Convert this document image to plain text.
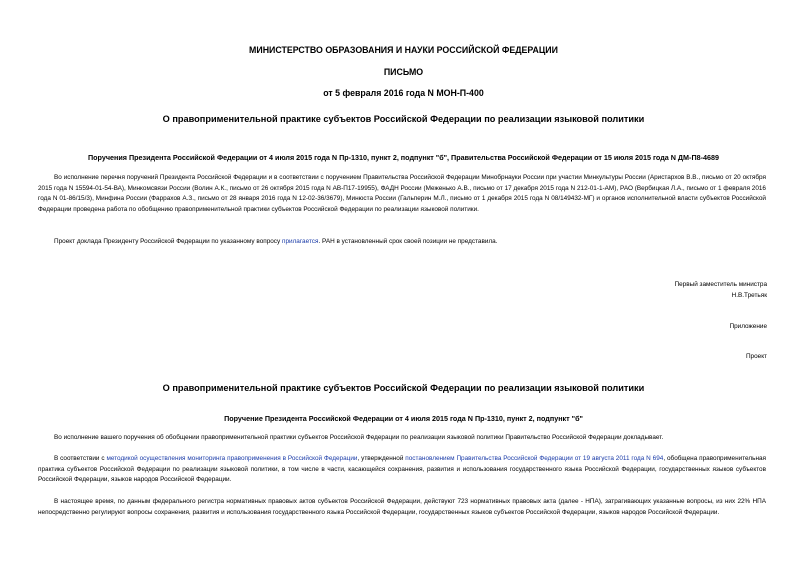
МИНИСТЕРСТВО ОБРАЗОВАНИЯ И НАУКИ РОССИЙСКОЙ ФЕДЕРАЦИИ
ПИСЬМО
от 5 февраля 2016 года N МОН-П-400
О правоприменительной практике субъектов Российской Федерации по реализации языковой политики
Поручения Президента Российской Федерации от 4 июля 2015 года N Пр-1310, пункт 2, подпункт "б", Правительства Российской Федерации от 15 июля 2015 года N ДМ-П8-4689
Во исполнение перечня поручений Президента Российской Федерации и в соответствии с поручением Правительства Российской Федерации Минобрнауки России при участии Минкультуры России (Аристархов В.В., письмо от 20 октября 2015 года N 15594-01-54-ВА), Минкомсвязи России (Волин А.К., письмо от 26 октября 2015 года N АВ-П17-19955), ФАДН России (Меженько А.В., письмо от 17 декабря 2015 года N 212-01-1-АМ), РАО (Вербицкая Л.А., письмо от 1 февраля 2016 года N 01-86/15/3), Минфина России (Фарраxов А.З., письмо от 28 января 2016 года N 12-02-36/3679), Минюста России (Гальперин М.Л., письмо от 1 декабря 2015 года N 08/149432-МГ) и органов исполнительной власти субъектов Российской Федерации проведена работа по обобщению правоприменительной практики субъектов Российской Федерации по реализации языковой политики.
Проект доклада Президенту Российской Федерации по указанному вопросу прилагается. РАН в установленный срок своей позиции не представила.
Первый заместитель министра
Н.В.Третьяк
Приложение
Проект
О правоприменительной практике субъектов Российской Федерации по реализации языковой политики
Поручение Президента Российской Федерации от 4 июля 2015 года N Пр-1310, пункт 2, подпункт "б"
Во исполнение вашего поручения об обобщении правоприменительной практики субъектов Российской Федерации по реализации языковой политики Правительство Российской Федерации докладывает.
В соответствии с методикой осуществления мониторинга правоприменения в Российской Федерации, утвержденной постановлением Правительства Российской Федерации от 19 августа 2011 года N 694, обобщена правоприменительная практика субъектов Российской Федерации по реализации языковой политики, в том числе в части, касающейся сохранения, развития и использования государственного языка Российской Федерации, государственных языков субъектов Российской Федерации, языков народов Российской Федерации.
В настоящее время, по данным федерального регистра нормативных правовых актов субъектов Российской Федерации, действуют 723 нормативных правовых акта (далее - НПА), затрагивающих указанные вопросы, из них 22% НПА непосредственно регулируют вопросы сохранения, развития и использования государственного языка Российской Федерации, государственных языков субъектов Российской Федерации, языков народов Российской Федерации.
